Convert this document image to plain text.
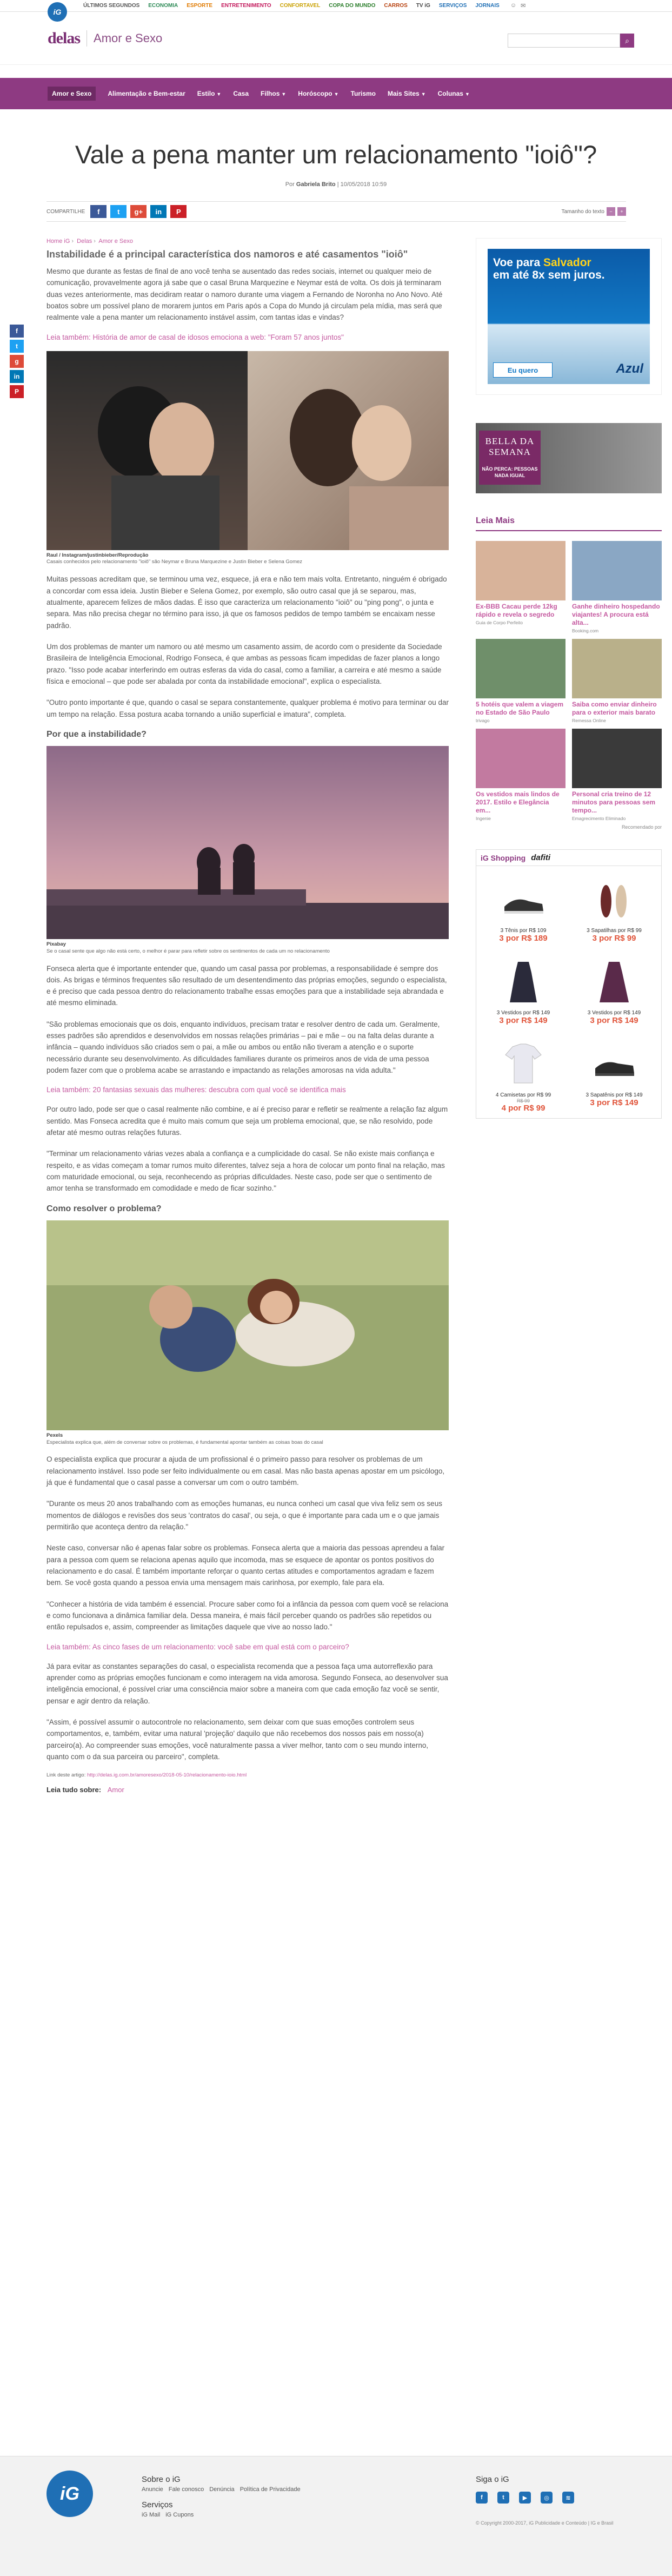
iG
ÚLTIMOS SEGUNDOS ECONOMIA ESPORTE ENTRETENIMENTO CONFORTAVEL COPA DO MUNDO CARROS TV iG SERVIÇOS JORNAIS ☺ ✉
delas Amor e Sexo	⌕
Amor e Sexo	Alimentação e Bem-estar Estilo ▼ Casa Filhos ▼ Horóscopo ▼ Turismo Mais Sites ▼ Colunas ▼
Vale a pena manter um relacionamento "ioiô"?
Por Gabriela Brito | 10/05/2018 10:59
COMPARTILHE f	t g+ in P	Tamanho do texto	−	+
f
t
g
in
P
Home iG › Delas › Amor e Sexo
Instabilidade é a principal característica dos namoros e até casamentos "ioiô"

Mesmo que durante as festas de final de ano você tenha se ausentado das redes sociais, internet ou qualquer meio de comunicação, provavelmente agora já sabe que o casal Bruna Marquezine e Neymar está de volta. Os dois já terminaram duas vezes anteriormente, mas decidiram reatar o namoro durante uma viagem a Fernando de Noronha no Ano Novo. Até boatos sobre um possível plano de morarem juntos em Paris após a Copa do Mundo já circulam pela mídia, mas será que realmente vale a pena manter um relacionamento instável assim, com tantas idas e vindas?

Leia também: História de amor de casal de idosos emociona a web: "Foram 57 anos juntos"

Raul / Instagram/justinbieber/Reprodução
Casais conhecidos pelo relacionamento "ioiô" são Neymar e Bruna Marquezine e Justin Bieber e Selena Gomez

Muitas pessoas acreditam que, se terminou uma vez, esquece, já era e não tem mais volta. Entretanto, ninguém é obrigado a concordar com essa ideia. Justin Bieber e Selena Gomez, por exemplo, são outro casal que já se separou, mas, atualmente, aparecem felizes de mãos dadas. É isso que caracteriza um relacionamento "ioiô" ou "ping pong", o junta e separa. Mas não precisa chegar no término para isso, já que os famosos pedidos de tempo também se encaixam nesse padrão.

Um dos problemas de manter um namoro ou até mesmo um casamento assim, de acordo com o presidente da Sociedade Brasileira de Inteligência Emocional, Rodrigo Fonseca, é que ambas as pessoas ficam impedidas de fazer planos a longo prazo. "Isso pode acabar interferindo em outras esferas da vida do casal, como a familiar, a carreira e até mesmo a saúde física e emocional – que pode ser abalada por conta da instabilidade emocional", explica o especialista.

"Outro ponto importante é que, quando o casal se separa constantemente, qualquer problema é motivo para terminar ou dar um tempo na relação. Essa postura acaba tornando a união superficial e imatura", completa.

Por que a instabilidade?
Pixabay
Se o casal sente que algo não está certo, o melhor é parar para refletir sobre os sentimentos de cada um no relacionamento

Fonseca alerta que é importante entender que, quando um casal passa por problemas, a responsabilidade é sempre dos dois. As brigas e términos frequentes são resultado de um desentendimento das próprias emoções, segundo o especialista, e é preciso que cada pessoa dentro do relacionamento trabalhe essas emoções para que a instabilidade seja abrandada e até mesmo eliminada.

"São problemas emocionais que os dois, enquanto indivíduos, precisam tratar e resolver dentro de cada um. Geralmente, esses padrões são aprendidos e desenvolvidos em nossas relações primárias – pai e mãe – ou na falta delas durante a infância – quando indivíduos são criados sem o pai, a mãe ou ambos ou então não tiveram a atenção e o suporte necessário durante seu desenvolvimento. As dificuldades familiares durante os primeiros anos de vida de uma pessoa podem fazer com que o problema acabe se arrastando e impactando as relações amorosas na vida adulta."

Leia também: 20 fantasias sexuais das mulheres: descubra com qual você se identifica mais

Por outro lado, pode ser que o casal realmente não combine, e aí é preciso parar e refletir se realmente a relação faz algum sentido. Mas Fonseca acredita que é muito mais comum que seja um problema emocional, que, se não resolvido, pode afetar até mesmo outras relações futuras.

"Terminar um relacionamento várias vezes abala a confiança e a cumplicidade do casal. Se não existe mais confiança e respeito, e as vidas começam a tomar rumos muito diferentes, talvez seja a hora de colocar um ponto final na relação, mas com maturidade emocional, ou seja, reconhecendo as próprias dificuldades. Neste caso, pode ser que o sentimento de amor tenha se transformado em comodidade e medo de ficar sozinho."

Como resolver o problema?
Pexels
Especialista explica que, além de conversar sobre os problemas, é fundamental apontar também as coisas boas do casal

O especialista explica que procurar a ajuda de um profissional é o primeiro passo para resolver os problemas de um relacionamento instável. Isso pode ser feito individualmente ou em casal. Mas não basta apenas apostar em um psicólogo, já que é fundamental que o casal passe a conversar um com o outro também.

"Durante os meus 20 anos trabalhando com as emoções humanas, eu nunca conheci um casal que viva feliz sem os seus momentos de diálogos e revisões dos seus 'contratos do casal', ou seja, o que é importante para cada um e o que jamais permitirão que aconteça dentro da relação."

Neste caso, conversar não é apenas falar sobre os problemas. Fonseca alerta que a maioria das pessoas aprendeu a falar para a pessoa com quem se relaciona apenas aquilo que incomoda, mas se esquece de apontar os pontos positivos do relacionamento e do casal. É também importante reforçar o quanto certas atitudes e comportamentos agradam e fazem bem. Se você gosta quando a pessoa envia uma mensagem mais carinhosa, por exemplo, fale para ela.

"Conhecer a história de vida também é essencial. Procure saber como foi a infância da pessoa com quem você se relaciona e como funcionava a dinâmica familiar dela. Dessa maneira, é mais fácil perceber quando os padrões são repetidos ou então repulsados e, assim, compreender as limitações daquele que vive ao nosso lado."

Leia também: As cinco fases de um relacionamento: você sabe em qual está com o parceiro?

Já para evitar as constantes separações do casal, o especialista recomenda que a pessoa faça uma autorreflexão para aprender como as próprias emoções funcionam e como interagem na vida amorosa. Segundo Fonseca, ao desenvolver sua inteligência emocional, é possível criar uma consciência maior sobre a maneira com que cada emoção faz você se sentir, pensar e agir dentro da relação.

"Assim, é possível assumir o autocontrole no relacionamento, sem deixar com que suas emoções controlem seus comportamentos, e, também, evitar uma natural 'projeção' daquilo que não recebemos dos nossos pais em nosso(a) parceiro(a). Ao compreender suas emoções, você naturalmente passa a viver melhor, tanto com o seu mundo interno, quanto com o da sua parceira ou parceiro", completa.

Link deste artigo: http://delas.ig.com.br/amoresexo/2018-05-10/relacionamento-ioio.html
Leia tudo sobre: Amor
Voe para Salvador
em até 8x sem juros.
Eu quero	Azul
BELLA DA SEMANA
NÃO PERCA: PESSOAS NADA IGUAL
Leia Mais
Ex-BBB Cacau perde 12kg rápido e revela o segredo
Guia de Corpo Perfeito
Ganhe dinheiro hospedando viajantes! A procura está alta...
Booking.com
5 hotéis que valem a viagem no Estado de São Paulo
trivago
Saiba como enviar dinheiro para o exterior mais barato
Remessa Online
Os vestidos mais lindos de 2017. Estilo e Elegância em...
Ingenie
Personal cria treino de 12 minutos para pessoas sem tempo...
Emagrecimento Eliminado
Recomendado por
iG Shopping dafiti
3 Tênis por R$ 109
3 por R$ 189
3 Sapatilhas por R$ 99
3 por R$ 99
3 Vestidos por R$ 149
3 por R$ 149
3 Vestidos por R$ 149
3 por R$ 149
4 Camisetas por R$ 99
R$ 99
4 por R$ 99
3 Sapatênis por R$ 149
3 por R$ 149
iG
Sobre o iG
Anuncie Fale conosco Denúncia Política de Privacidade
Serviços
iG Mail iG Cupons
Siga o iG
f	t	▶	◎	≋
© Copyright 2000-2017, iG Publicidade e Conteúdo | IG e Brasil
